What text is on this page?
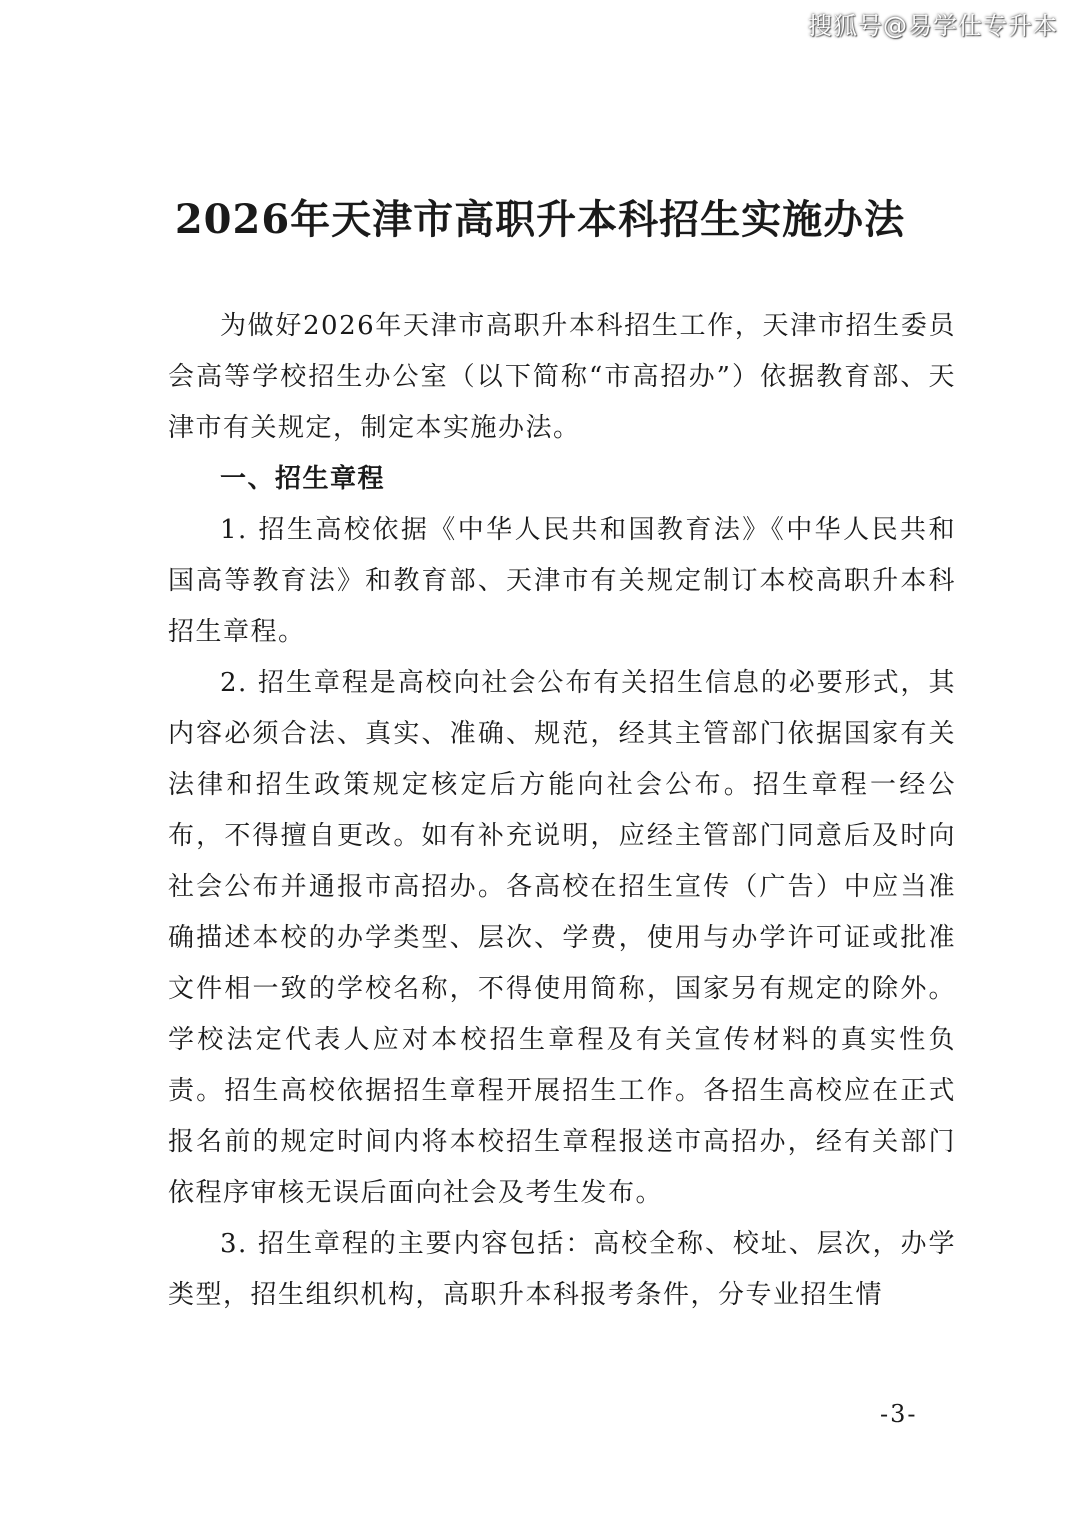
搜狐号@易学仕专升本
2026年天津市高职升本科招生实施办法

为做好2026年天津市高职升本科招生工作，天津市招生委员会高等学校招生办公室（以下简称“市高招办”）依据教育部、天津市有关规定，制定本实施办法。

一、招生章程

1. 招生高校依据《中华人民共和国教育法》《中华人民共和国高等教育法》和教育部、天津市有关规定制订本校高职升本科招生章程。

2. 招生章程是高校向社会公布有关招生信息的必要形式，其内容必须合法、真实、准确、规范，经其主管部门依据国家有关法律和招生政策规定核定后方能向社会公布。招生章程一经公布，不得擅自更改。如有补充说明，应经主管部门同意后及时向社会公布并通报市高招办。各高校在招生宣传（广告）中应当准确描述本校的办学类型、层次、学费，使用与办学许可证或批准文件相一致的学校名称，不得使用简称，国家另有规定的除外。学校法定代表人应对本校招生章程及有关宣传材料的真实性负责。招生高校依据招生章程开展招生工作。各招生高校应在正式报名前的规定时间内将本校招生章程报送市高招办，经有关部门依程序审核无误后面向社会及考生发布。

3. 招生章程的主要内容包括：高校全称、校址、层次，办学类型，招生组织机构，高职升本科报考条件，分专业招生情

-3-
